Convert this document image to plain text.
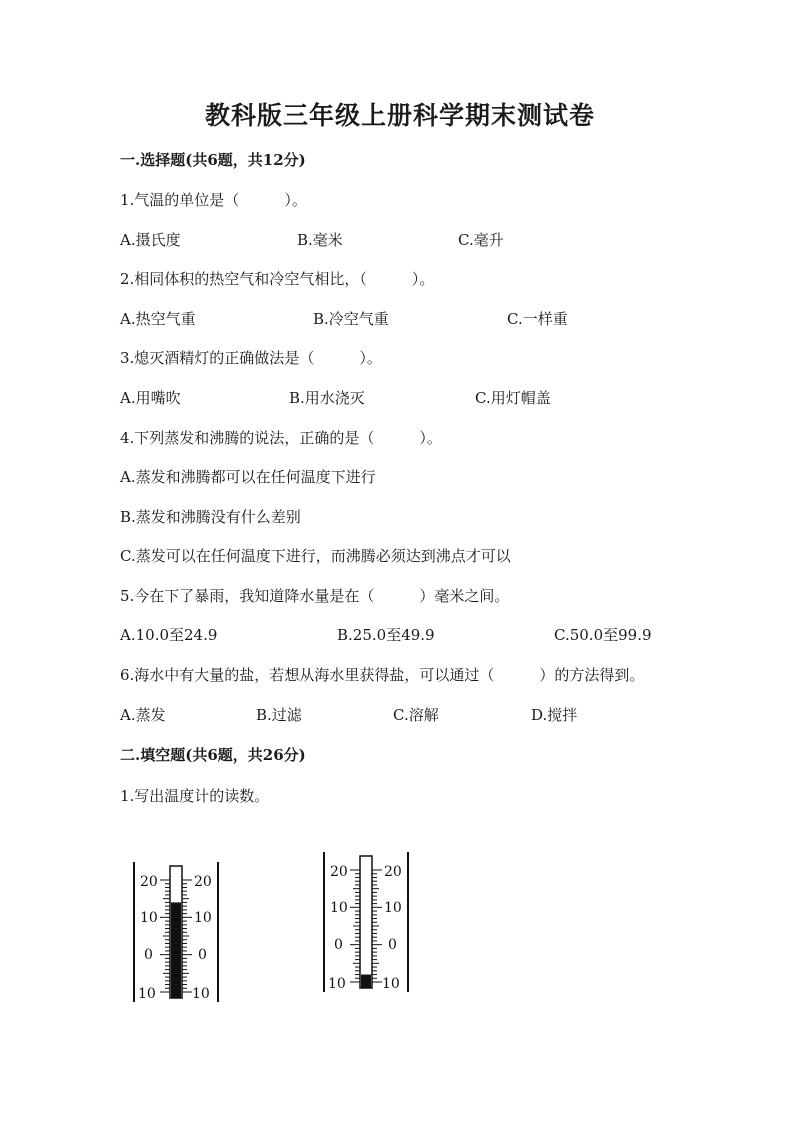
教科版三年级上册科学期末测试卷
一.选择题(共6题，共12分)
1.气温的单位是（　　　）。
A.摄氏度	B.毫米	C.毫升
2.相同体积的热空气和冷空气相比，（　　　）。
A.热空气重	B.冷空气重	C.一样重
3.熄灭酒精灯的正确做法是（　　　）。
A.用嘴吹	B.用水浇灭	C.用灯帽盖
4.下列蒸发和沸腾的说法，正确的是（　　　）。
A.蒸发和沸腾都可以在任何温度下进行
B.蒸发和沸腾没有什么差别
C.蒸发可以在任何温度下进行，而沸腾必须达到沸点才可以
5.今在下了暴雨，我知道降水量是在（　　　）毫米之间。
A.10.0至24.9	B.25.0至49.9	C.50.0至99.9
6.海水中有大量的盐，若想从海水里获得盐，可以通过（　　　）的方法得到。
A.蒸发	B.过滤	C.溶解	D.搅拌
二.填空题(共6题，共26分)
1.写出温度计的读数。
20
10
0
10
20
10
0
10
20
10
0
10
20
10
0
10
